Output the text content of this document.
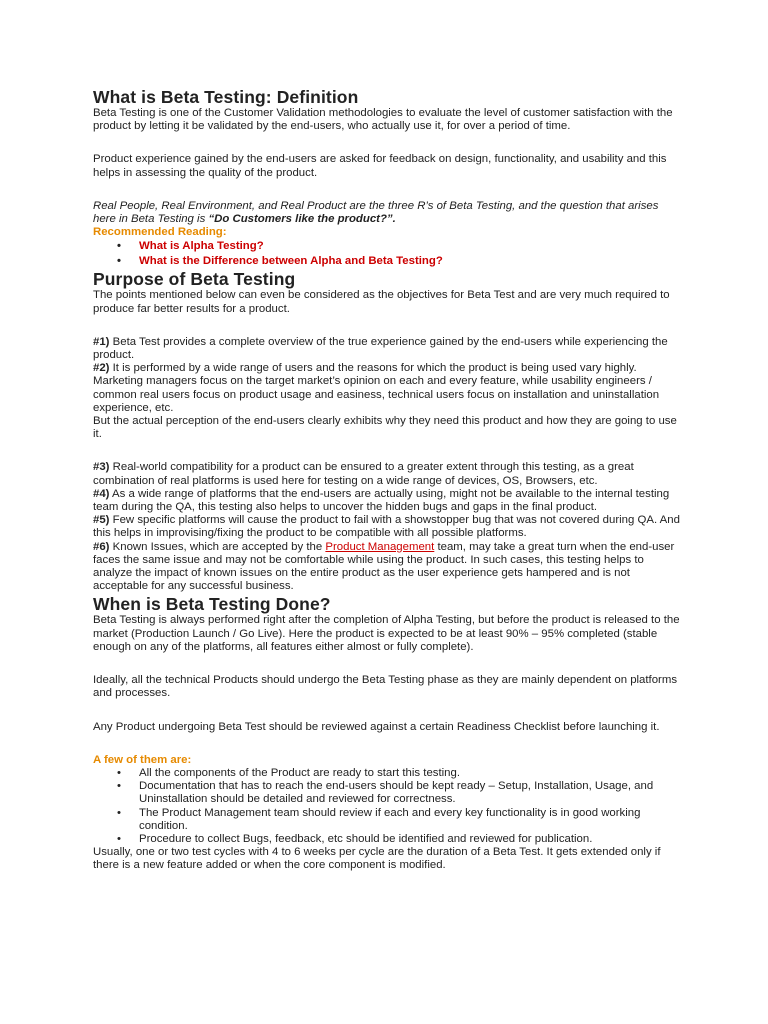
What is Beta Testing: Definition

Beta Testing is one of the Customer Validation methodologies to evaluate the level of customer satisfaction with the product by letting it be validated by the end-users, who actually use it, for over a period of time.

Product experience gained by the end-users are asked for feedback on design, functionality, and usability and this helps in assessing the quality of the product.

Real People, Real Environment, and Real Product are the three R’s of Beta Testing, and the question that arises here in Beta Testing is “Do Customers like the product?”.

Recommended Reading:

• What is Alpha Testing?
• What is the Difference between Alpha and Beta Testing?
Purpose of Beta Testing

The points mentioned below can even be considered as the objectives for Beta Test and are very much required to produce far better results for a product.

#1) Beta Test provides a complete overview of the true experience gained by the end-users while experiencing the product.

#2) It is performed by a wide range of users and the reasons for which the product is being used vary highly. Marketing managers focus on the target market’s opinion on each and every feature, while usability engineers / common real users focus on product usage and easiness, technical users focus on installation and uninstallation experience, etc.

But the actual perception of the end-users clearly exhibits why they need this product and how they are going to use it.

#3) Real-world compatibility for a product can be ensured to a greater extent through this testing, as a great combination of real platforms is used here for testing on a wide range of devices, OS, Browsers, etc.

#4) As a wide range of platforms that the end-users are actually using, might not be available to the internal testing team during the QA, this testing also helps to uncover the hidden bugs and gaps in the final product.

#5) Few specific platforms will cause the product to fail with a showstopper bug that was not covered during QA. And this helps in improvising/fixing the product to be compatible with all possible platforms.

#6) Known Issues, which are accepted by the Product Management team, may take a great turn when the end-user faces the same issue and may not be comfortable while using the product. In such cases, this testing helps to analyze the impact of known issues on the entire product as the user experience gets hampered and is not acceptable for any successful business.

When is Beta Testing Done?

Beta Testing is always performed right after the completion of Alpha Testing, but before the product is released to the market (Production Launch / Go Live). Here the product is expected to be at least 90% – 95% completed (stable enough on any of the platforms, all features either almost or fully complete).

Ideally, all the technical Products should undergo the Beta Testing phase as they are mainly dependent on platforms and processes.

Any Product undergoing Beta Test should be reviewed against a certain Readiness Checklist before launching it.

A few of them are:

• All the components of the Product are ready to start this testing.
• Documentation that has to reach the end-users should be kept ready – Setup, Installation, Usage, and Uninstallation should be detailed and reviewed for correctness.
• The Product Management team should review if each and every key functionality is in good working condition.
• Procedure to collect Bugs, feedback, etc should be identified and reviewed for publication.

Usually, one or two test cycles with 4 to 6 weeks per cycle are the duration of a Beta Test. It gets extended only if there is a new feature added or when the core component is modified.
